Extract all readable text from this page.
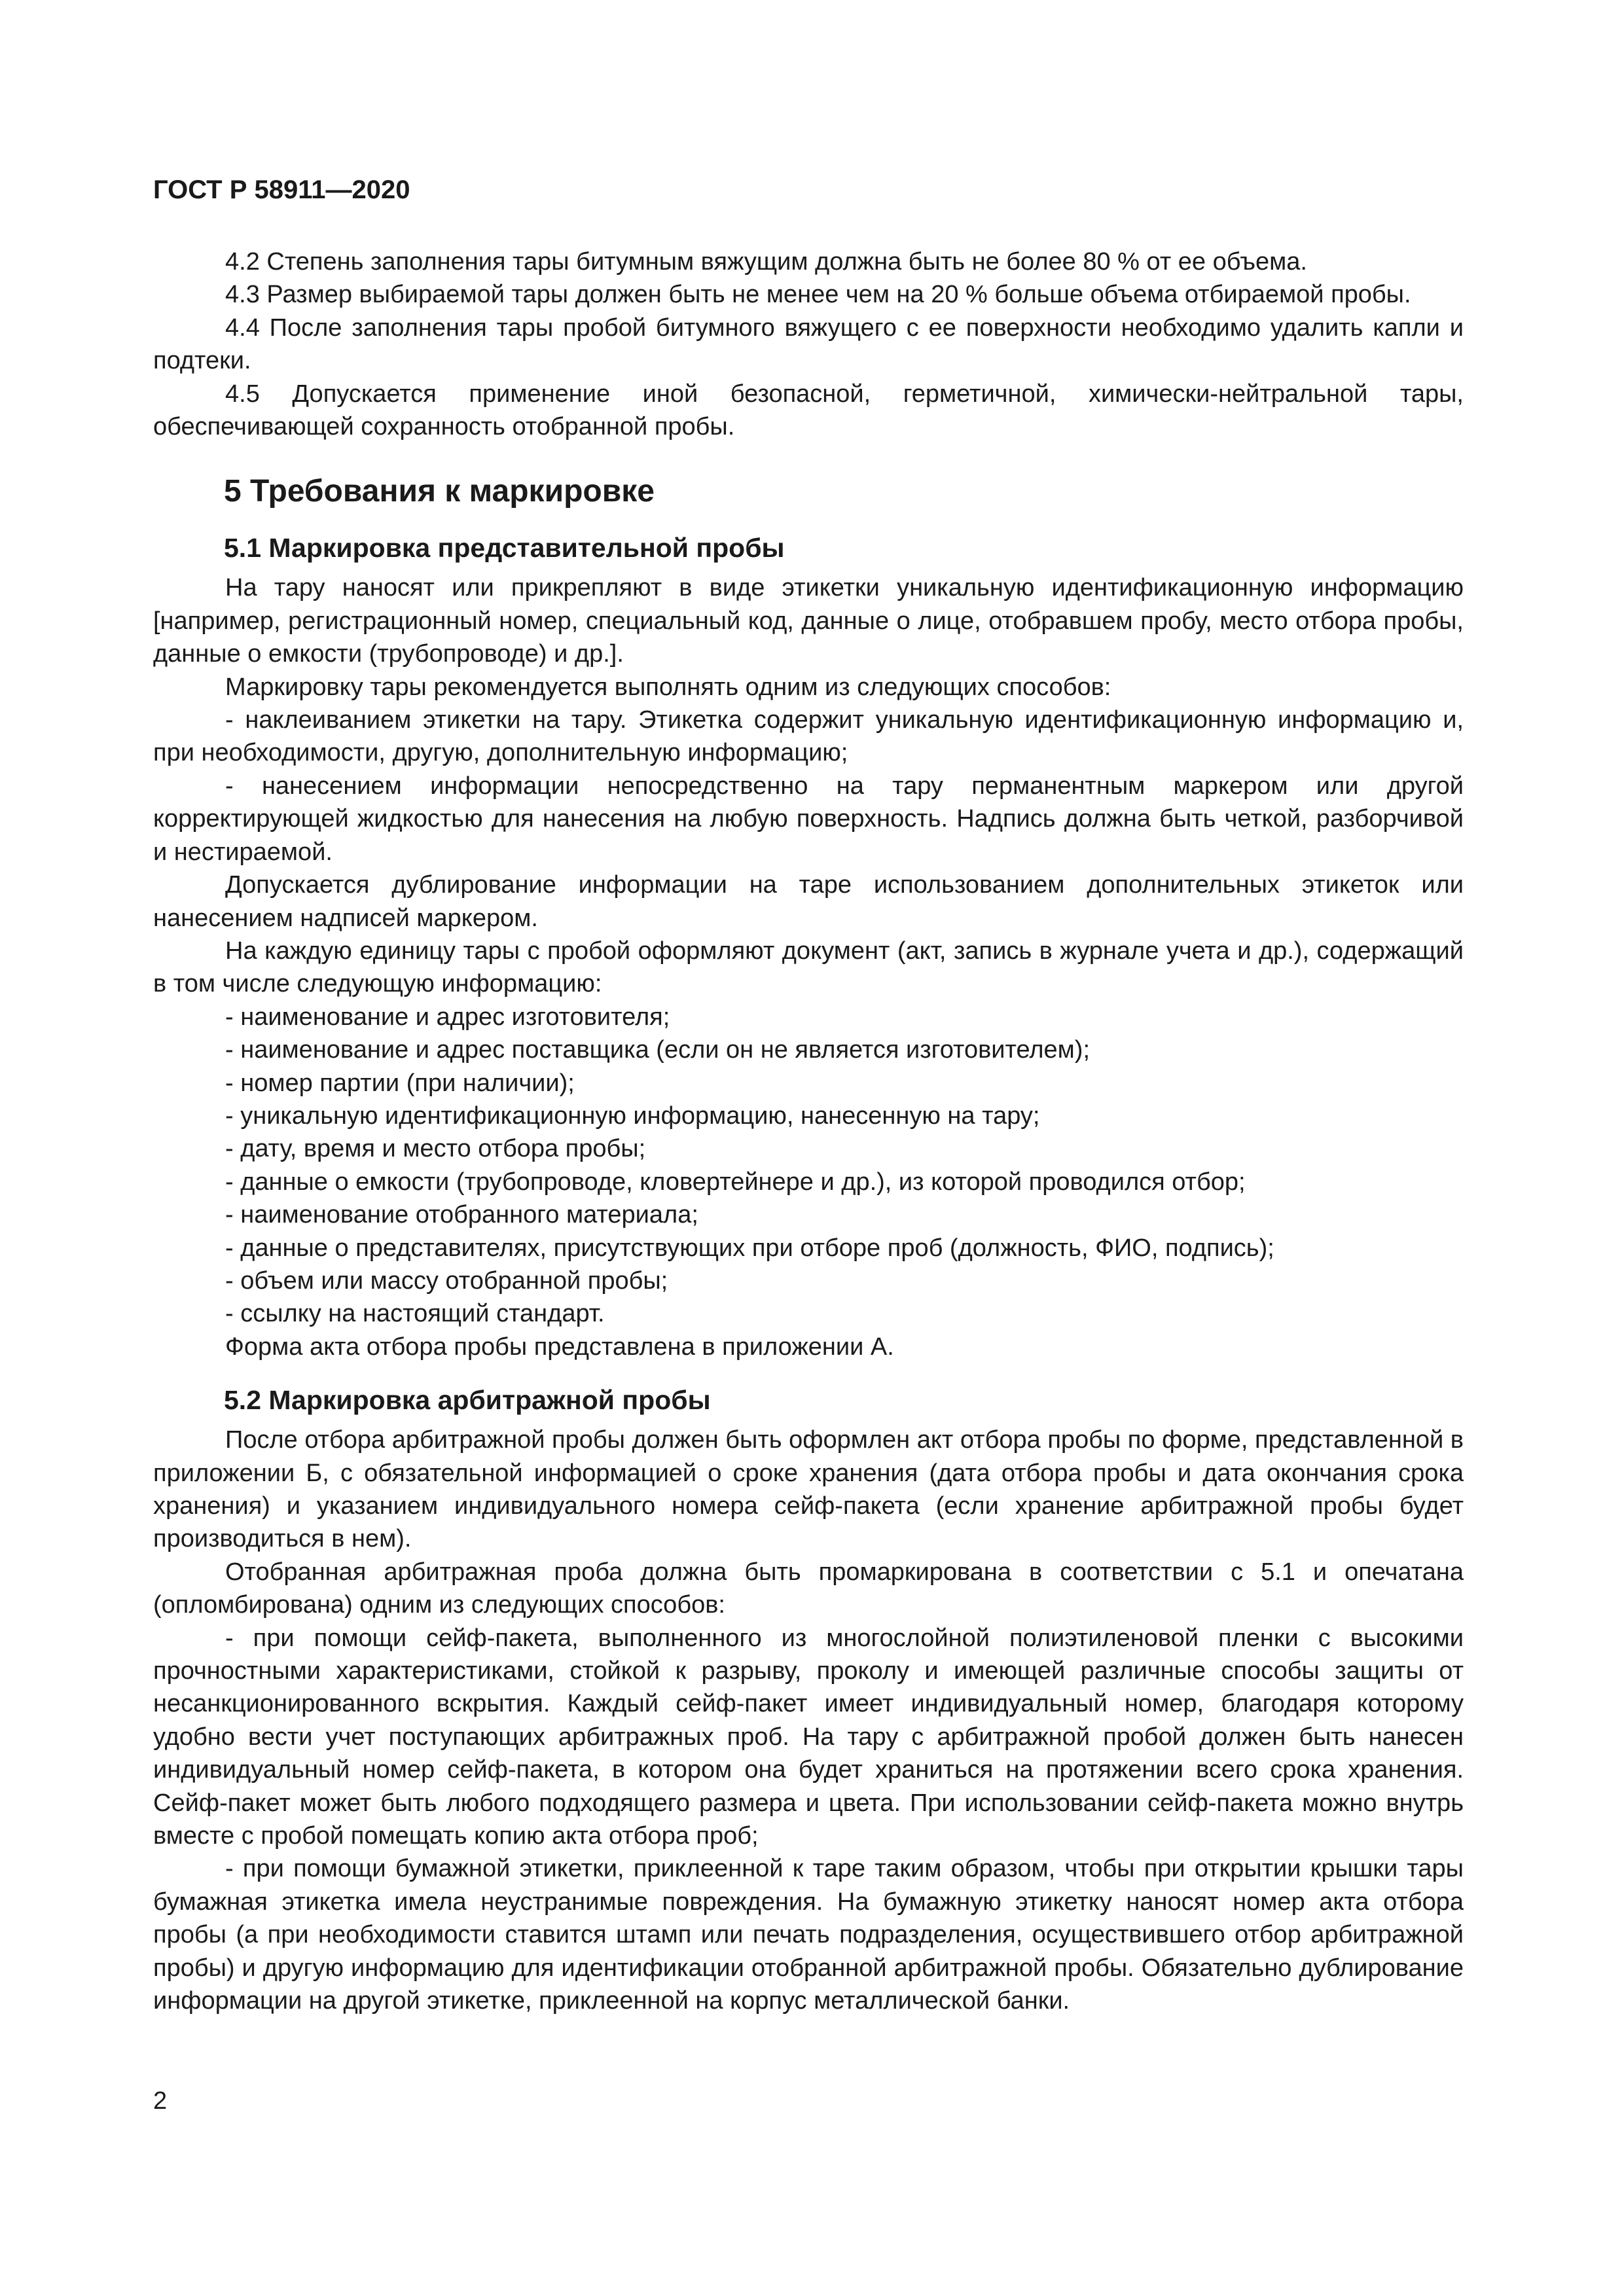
ГОСТ Р 58911—2020

4.2 Степень заполнения тары битумным вяжущим должна быть не более 80 % от ее объема.

4.3 Размер выбираемой тары должен быть не менее чем на 20 % больше объема отбираемой пробы.

4.4 После заполнения тары пробой битумного вяжущего с ее поверхности необходимо удалить капли и подтеки.

4.5 Допускается применение иной безопасной, герметичной, химически-нейтральной тары, обеспечивающей сохранность отобранной пробы.

5 Требования к маркировке
5.1 Маркировка представительной пробы

На тару наносят или прикрепляют в виде этикетки уникальную идентификационную информацию [например, регистрационный номер, специальный код, данные о лице, отобравшем пробу, место отбора пробы, данные о емкости (трубопроводе) и др.].

Маркировку тары рекомендуется выполнять одним из следующих способов:

- наклеиванием этикетки на тару. Этикетка содержит уникальную идентификационную информацию и, при необходимости, другую, дополнительную информацию;

- нанесением информации непосредственно на тару перманентным маркером или другой корректирующей жидкостью для нанесения на любую поверхность. Надпись должна быть четкой, разборчивой и нестираемой.

Допускается дублирование информации на таре использованием дополнительных этикеток или нанесением надписей маркером.

На каждую единицу тары с пробой оформляют документ (акт, запись в журнале учета и др.), содержащий в том числе следующую информацию:

- наименование и адрес изготовителя;

- наименование и адрес поставщика (если он не является изготовителем);

- номер партии (при наличии);

- уникальную идентификационную информацию, нанесенную на тару;

- дату, время и место отбора пробы;

- данные о емкости (трубопроводе, кловертейнере и др.), из которой проводился отбор;

- наименование отобранного материала;

- данные о представителях, присутствующих при отборе проб (должность, ФИО, подпись);

- объем или массу отобранной пробы;

- ссылку на настоящий стандарт.

Форма акта отбора пробы представлена в приложении А.

5.2 Маркировка арбитражной пробы

После отбора арбитражной пробы должен быть оформлен акт отбора пробы по форме, представленной в приложении Б, с обязательной информацией о сроке хранения (дата отбора пробы и дата окончания срока хранения) и указанием индивидуального номера сейф-пакета (если хранение арбитражной пробы будет производиться в нем).

Отобранная арбитражная проба должна быть промаркирована в соответствии с 5.1 и опечатана (опломбирована) одним из следующих способов:

- при помощи сейф-пакета, выполненного из многослойной полиэтиленовой пленки с высокими прочностными характеристиками, стойкой к разрыву, проколу и имеющей различные способы защиты от несанкционированного вскрытия. Каждый сейф-пакет имеет индивидуальный номер, благодаря которому удобно вести учет поступающих арбитражных проб. На тару с арбитражной пробой должен быть нанесен индивидуальный номер сейф-пакета, в котором она будет храниться на протяжении всего срока хранения. Сейф-пакет может быть любого подходящего размера и цвета. При использовании сейф-пакета можно внутрь вместе с пробой помещать копию акта отбора проб;

- при помощи бумажной этикетки, приклеенной к таре таким образом, чтобы при открытии крышки тары бумажная этикетка имела неустранимые повреждения. На бумажную этикетку наносят номер акта отбора пробы (а при необходимости ставится штамп или печать подразделения, осуществившего отбор арбитражной пробы) и другую информацию для идентификации отобранной арбитражной пробы. Обязательно дублирование информации на другой этикетке, приклеенной на корпус металлической банки.

2
